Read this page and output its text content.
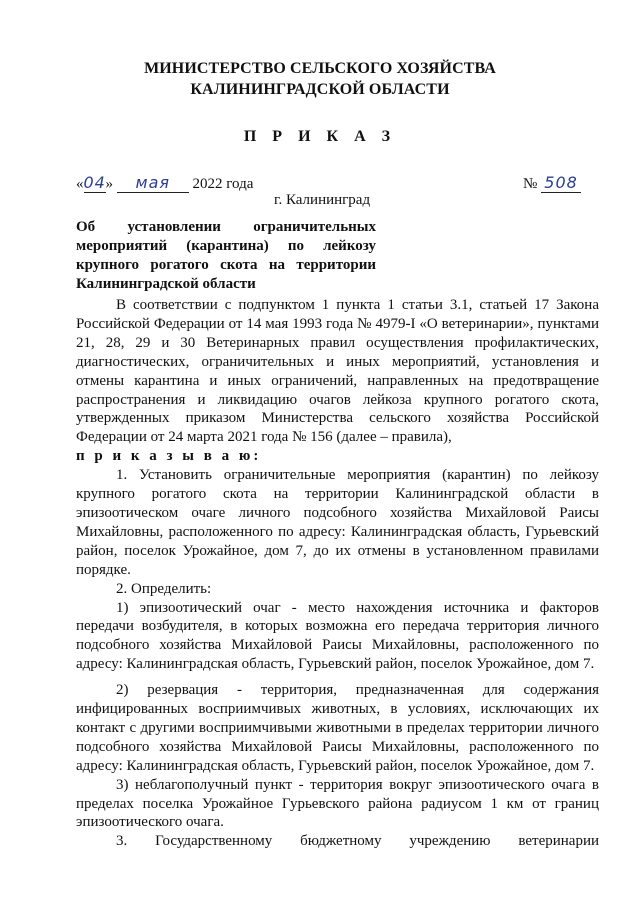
МИНИСТЕРСТВО СЕЛЬСКОГО ХОЗЯЙСТВА
КАЛИНИНГРАДСКОЙ ОБЛАСТИ
П Р И К А З
«04» мая 2022 года	№ 508
г. Калининград
Об установлении ограничительных мероприятий (карантина) по лейкозу крупного рогатого скота на территории Калининградской области

В соответствии с подпунктом 1 пункта 1 статьи 3.1, статьей 17 Закона Российской Федерации от 14 мая 1993 года № 4979-I «О ветеринарии», пунктами 21, 28, 29 и 30 Ветеринарных правил осуществления профилактических, диагностических, ограничительных и иных мероприятий, установления и отмены карантина и иных ограничений, направленных на предотвращение распространения и ликвидацию очагов лейкоза крупного рогатого скота, утвержденных приказом Министерства сельского хозяйства Российской Федерации от 24 марта 2021 года № 156 (далее – правила),

п р и к а з ы в а ю:

1. Установить ограничительные мероприятия (карантин) по лейкозу крупного рогатого скота на территории Калининградской области в эпизоотическом очаге личного подсобного хозяйства Михайловой Раисы Михайловны, расположенного по адресу: Калининградская область, Гурьевский район, поселок Урожайное, дом 7, до их отмены в установленном правилами порядке.

2. Определить:

1) эпизоотический очаг - место нахождения источника и факторов передачи возбудителя, в которых возможна его передача территория личного подсобного хозяйства Михайловой Раисы Михайловны, расположенного по адресу: Калининградская область, Гурьевский район, поселок Урожайное, дом 7.

2) резервация - территория, предназначенная для содержания инфицированных восприимчивых животных, в условиях, исключающих их контакт с другими восприимчивыми животными в пределах территории личного подсобного хозяйства Михайловой Раисы Михайловны, расположенного по адресу: Калининградская область, Гурьевский район, поселок Урожайное, дом 7.

3) неблагополучный пункт - территория вокруг эпизоотического очага в пределах поселка Урожайное Гурьевского района радиусом 1 км от границ эпизоотического очага.

3. Государственному бюджетному учреждению ветеринарии
